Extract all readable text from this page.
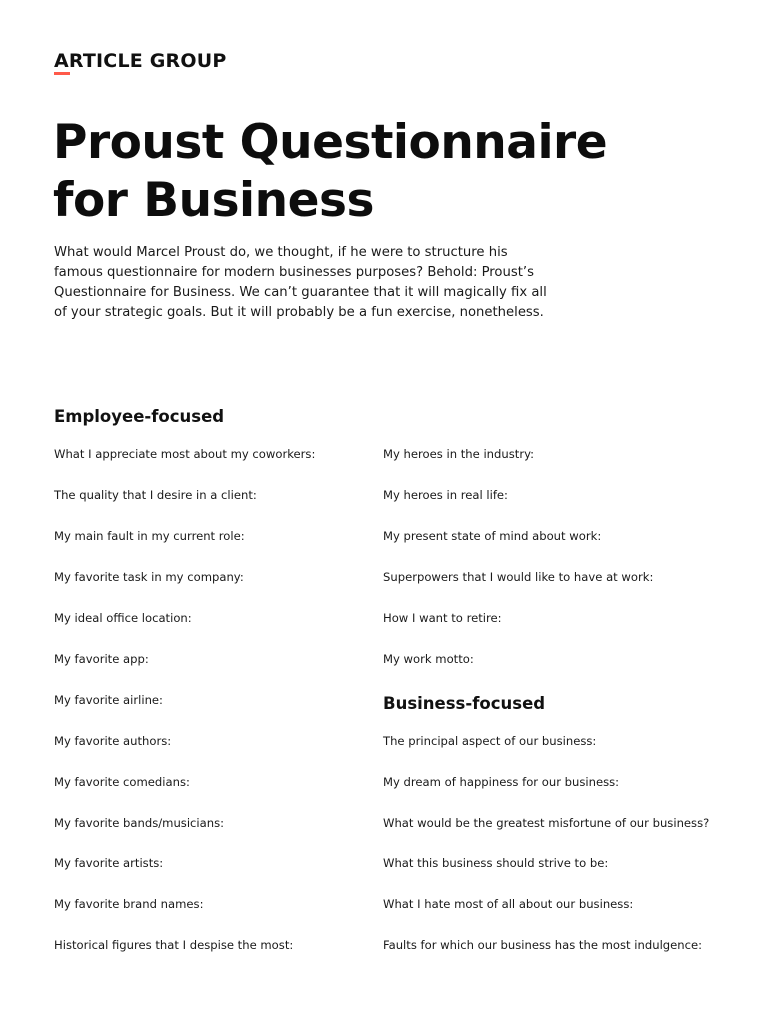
ARTICLE GROUP
Proust Questionnaire
for Business

What would Marcel Proust do, we thought, if he were to structure his famous questionnaire for modern businesses purposes? Behold: Proust’s Questionnaire for Business. We can’t guarantee that it will magically fix all of your strategic goals. But it will probably be a fun exercise, nonetheless.

Employee-focused
What I appreciate most about my coworkers:
The quality that I desire in a client:
My main fault in my current role:
My favorite task in my company:
My ideal office location:
My favorite app:
My favorite airline:
My favorite authors:
My favorite comedians:
My favorite bands/musicians:
My favorite artists:
My favorite brand names:
Historical figures that I despise the most:
My heroes in the industry:
My heroes in real life:
My present state of mind about work:
Superpowers that I would like to have at work:
How I want to retire:
My work motto:
Business-focused
The principal aspect of our business:
My dream of happiness for our business:
What would be the greatest misfortune of our business?
What this business should strive to be:
What I hate most of all about our business:
Faults for which our business has the most indulgence:
